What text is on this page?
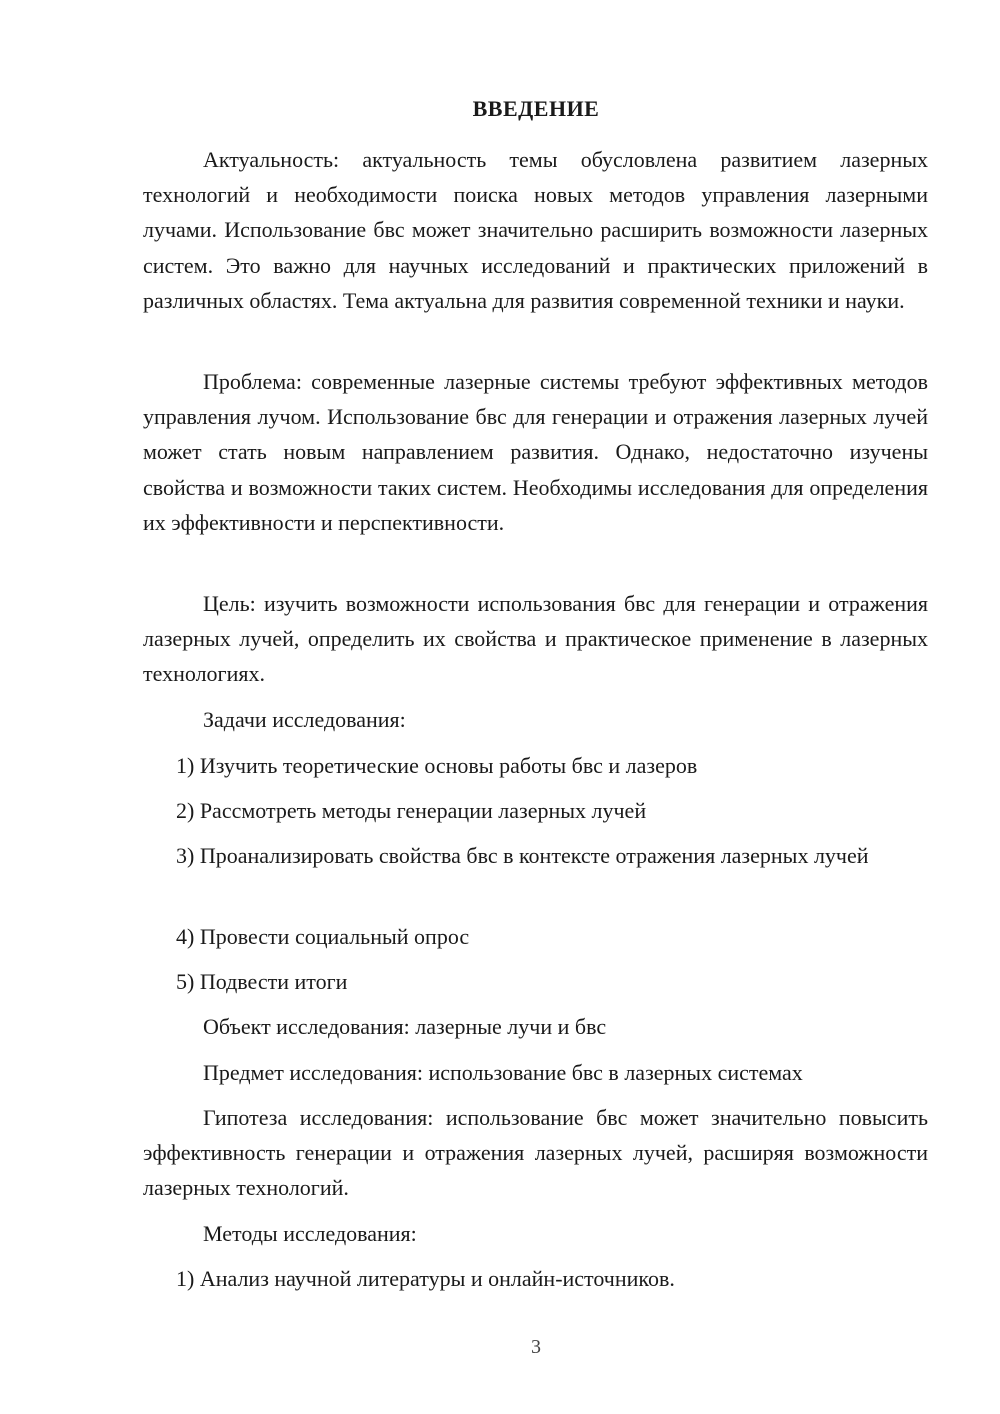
ВВЕДЕНИЕ

Актуальность: актуальность темы обусловлена развитием лазерных технологий и необходимости поиска новых методов управления лазерными лучами. Использование бвс может значительно расширить возможности лазерных систем. Это важно для научных исследований и практических приложений в различных областях. Тема актуальна для развития современной техники и науки.

Проблема: современные лазерные системы требуют эффективных методов управления лучом. Использование бвс для генерации и отражения лазерных лучей может стать новым направлением развития. Однако, недостаточно изучены свойства и возможности таких систем. Необходимы исследования для определения их эффективности и перспективности.

Цель: изучить возможности использования бвс для генерации и отражения лазерных лучей, определить их свойства и практическое применение в лазерных технологиях.

Задачи исследования:

1) Изучить теоретические основы работы бвс и лазеров

2) Рассмотреть методы генерации лазерных лучей

3) Проанализировать свойства бвс в контексте отражения лазерных лучей

4) Провести социальный опрос

5) Подвести итоги

Объект исследования: лазерные лучи и бвс

Предмет исследования: использование бвс в лазерных системах

Гипотеза исследования: использование бвс может значительно повысить эффективность генерации и отражения лазерных лучей, расширяя возможности лазерных технологий.

Методы исследования:

1) Анализ научной литературы и онлайн-источников.

3
